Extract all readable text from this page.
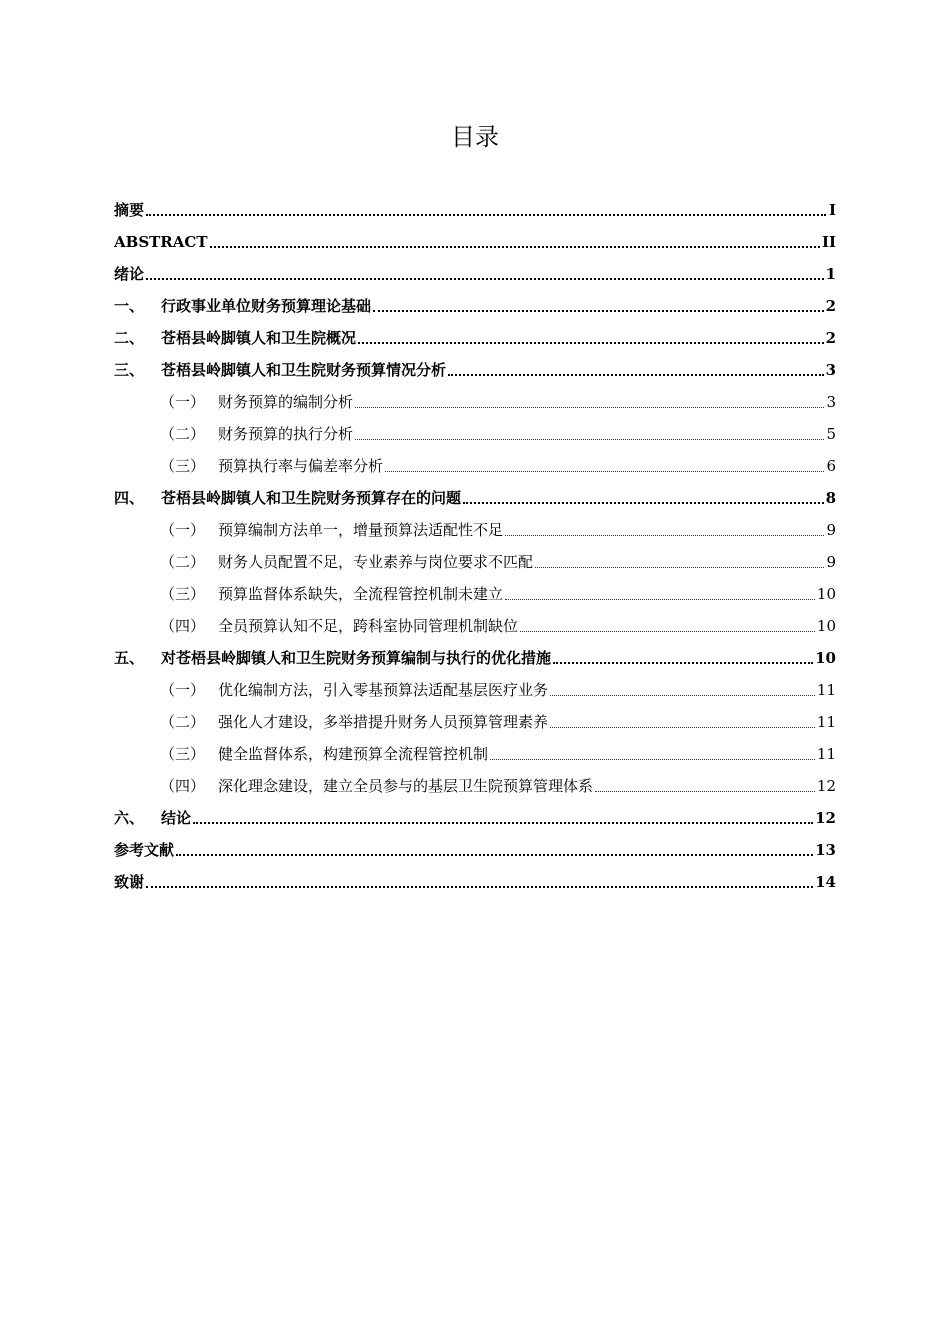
目录
摘要	I
ABSTRACT	II
绪论	1
一、	行政事业单位财务预算理论基础	2
二、	苍梧县岭脚镇人和卫生院概况	2
三、	苍梧县岭脚镇人和卫生院财务预算情况分析	3
（一） 财务预算的编制分析	3
（二） 财务预算的执行分析	5
（三） 预算执行率与偏差率分析	6
四、	苍梧县岭脚镇人和卫生院财务预算存在的问题	8
（一） 预算编制方法单一，增量预算法适配性不足	9
（二） 财务人员配置不足，专业素养与岗位要求不匹配	9
（三） 预算监督体系缺失，全流程管控机制未建立	10
（四） 全员预算认知不足，跨科室协同管理机制缺位	10
五、	对苍梧县岭脚镇人和卫生院财务预算编制与执行的优化措施	10
（一） 优化编制方法，引入零基预算法适配基层医疗业务	11
（二） 强化人才建设，多举措提升财务人员预算管理素养	11
（三） 健全监督体系，构建预算全流程管控机制	11
（四） 深化理念建设，建立全员参与的基层卫生院预算管理体系	12
六、	结论	12
参考文献	13
致谢	14
